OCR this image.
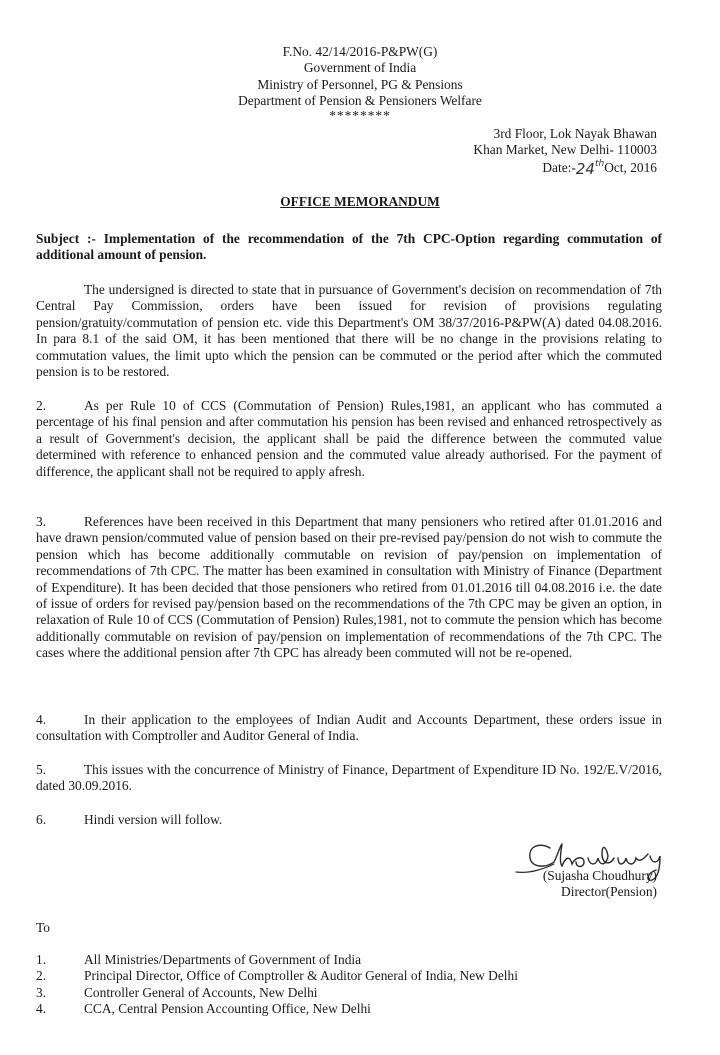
F.No. 42/14/2016-P&PW(G)
Government of India
Ministry of Personnel, PG & Pensions
Department of Pension & Pensioners Welfare
********
3rd Floor, Lok Nayak Bhawan
Khan Market, New Delhi- 110003
Date:-24thOct, 2016
OFFICE MEMORANDUM
Subject :- Implementation of the recommendation of the 7th CPC-Option regarding commutation of additional amount of pension.
The undersigned is directed to state that in pursuance of Government's decision on recommendation of 7th Central Pay Commission, orders have been issued for revision of provisions regulating pension/gratuity/commutation of pension etc. vide this Department's OM 38/37/2016-P&PW(A) dated 04.08.2016. In para 8.1 of the said OM, it has been mentioned that there will be no change in the provisions relating to commutation values, the limit upto which the pension can be commuted or the period after which the commuted pension is to be restored.
2.	As per Rule 10 of CCS (Commutation of Pension) Rules,1981, an applicant who has commuted a percentage of his final pension and after commutation his pension has been revised and enhanced retrospectively as a result of Government's decision, the applicant shall be paid the difference between the commuted value determined with reference to enhanced pension and the commuted value already authorised. For the payment of difference, the applicant shall not be required to apply afresh.
3.	References have been received in this Department that many pensioners who retired after 01.01.2016 and have drawn pension/commuted value of pension based on their pre-revised pay/pension do not wish to commute the pension which has become additionally commutable on revision of pay/pension on implementation of recommendations of 7th CPC. The matter has been examined in consultation with Ministry of Finance (Department of Expenditure). It has been decided that those pensioners who retired from 01.01.2016 till 04.08.2016 i.e. the date of issue of orders for revised pay/pension based on the recommendations of the 7th CPC may be given an option, in relaxation of Rule 10 of CCS (Commutation of Pension) Rules,1981, not to commute the pension which has become additionally commutable on revision of pay/pension on implementation of recommendations of the 7th CPC. The cases where the additional pension after 7th CPC has already been commuted will not be re-opened.
4.	In their application to the employees of Indian Audit and Accounts Department, these orders issue in consultation with Comptroller and Auditor General of India.
5.	This issues with the concurrence of Ministry of Finance, Department of Expenditure ID No. 192/E.V/2016, dated 30.09.2016.
6.	Hindi version will follow.
(Sujasha Choudhury)
Director(Pension)
To
1.	All Ministries/Departments of Government of India
2.	Principal Director, Office of Comptroller & Auditor General of India, New Delhi
3.	Controller General of Accounts, New Delhi
4.	CCA, Central Pension Accounting Office, New Delhi
